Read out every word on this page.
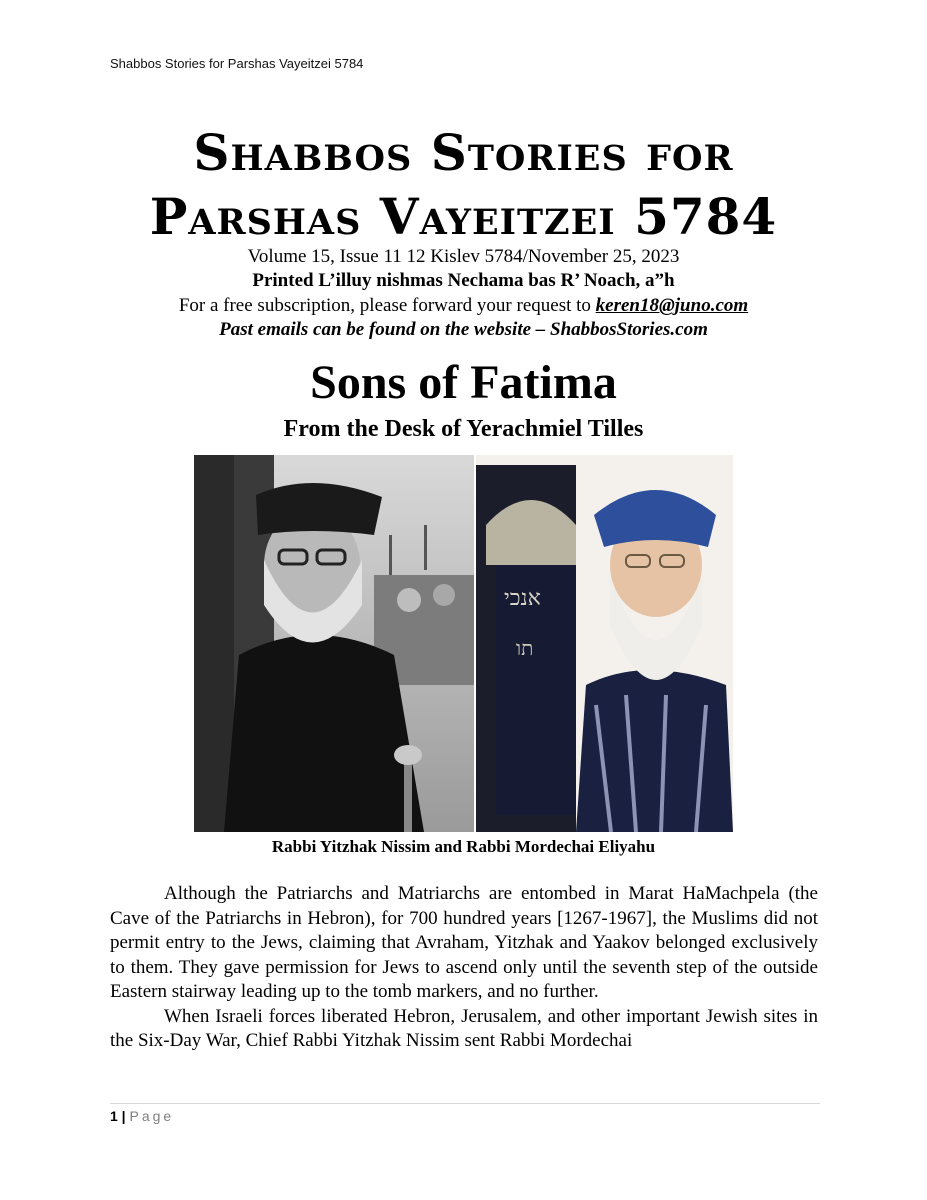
Shabbos Stories for Parshas Vayeitzei 5784
Shabbos Stories for
Parshas Vayeitzei 5784
Volume 15, Issue 11 12 Kislev 5784/November 25, 2023
Printed L’illuy nishmas Nechama bas R’ Noach, a”h
For a free subscription, please forward your request to keren18@juno.com
Past emails can be found on the website – ShabbosStories.com
Sons of Fatima
From the Desk of Yerachmiel Tilles
אנכי
תו
Rabbi Yitzhak Nissim and Rabbi Mordechai Eliyahu

Although the Patriarchs and Matriarchs are entombed in Marat HaMachpela (the Cave of the Patriarchs in Hebron), for 700 hundred years [1267-1967], the Muslims did not permit entry to the Jews, claiming that Avraham, Yitzhak and Yaakov belonged exclusively to them. They gave permission for Jews to ascend only until the seventh step of the outside Eastern stairway leading up to the tomb markers, and no further.

When Israeli forces liberated Hebron, Jerusalem, and other important Jewish sites in the Six-Day War, Chief Rabbi Yitzhak Nissim sent Rabbi Mordechai

1 | Page
